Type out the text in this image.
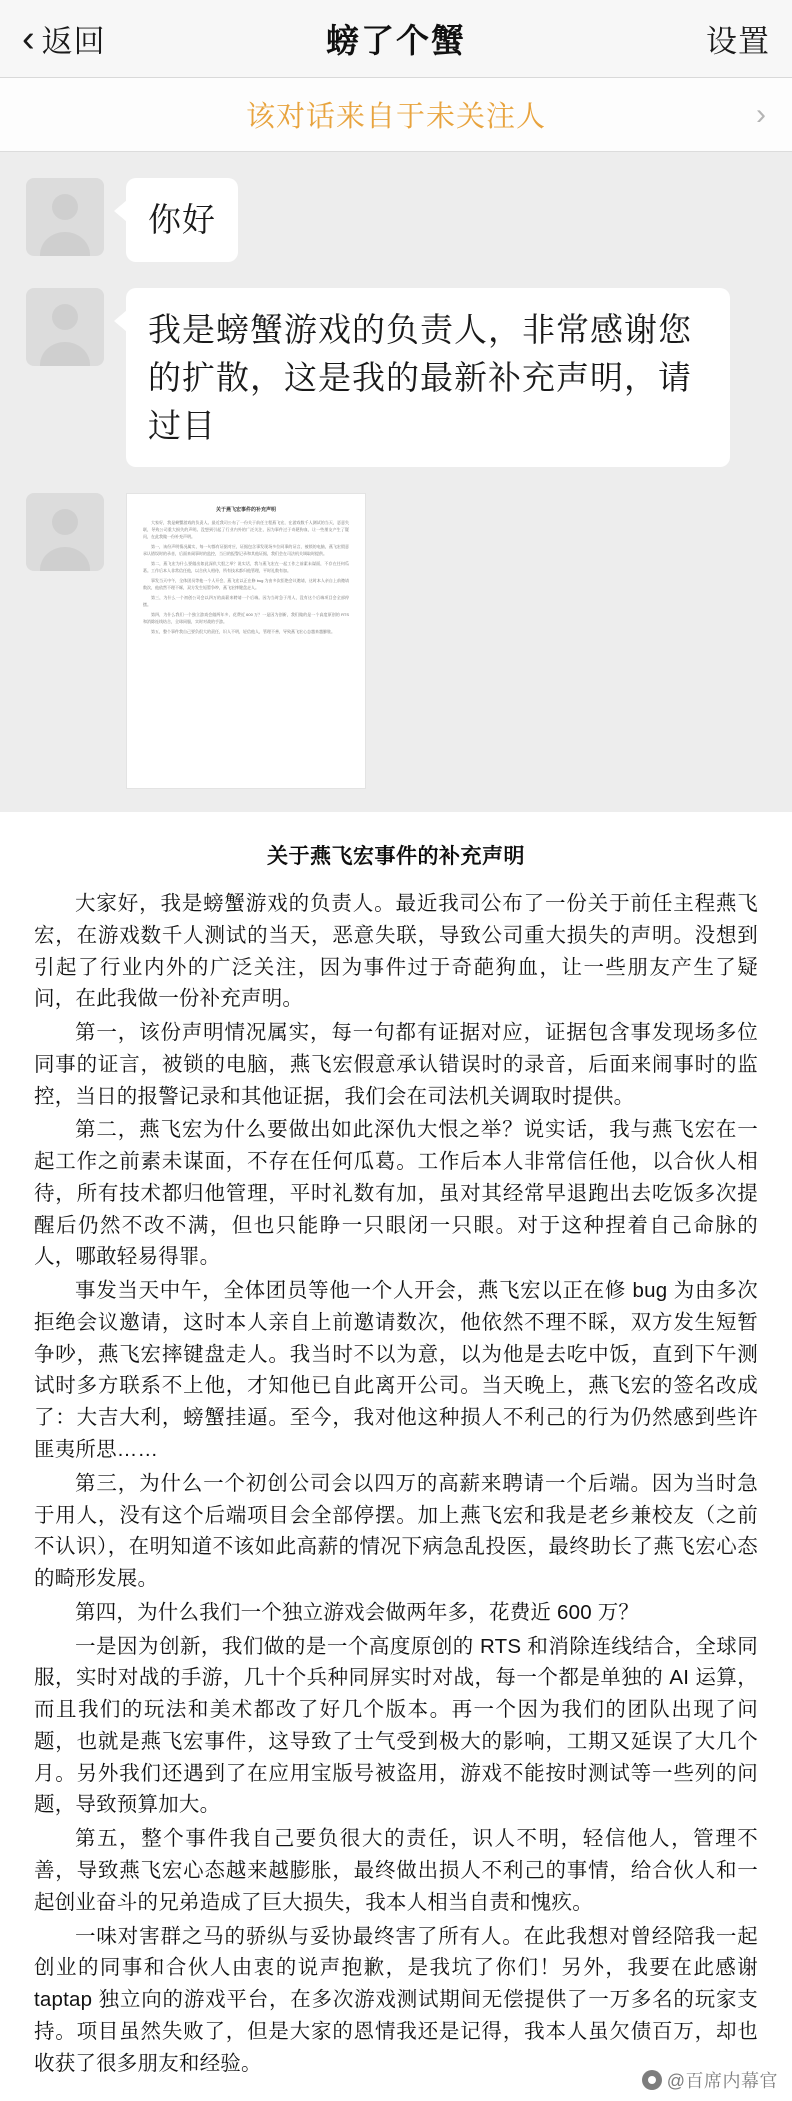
‹ 返回	螃了个蟹	设置
该对话来自于未关注人	›
你好
我是螃蟹游戏的负责人，非常感谢您的扩散，这是我的最新补充声明，请过目
关于燕飞宏事件的补充声明

大家好，我是螃蟹游戏的负责人。最近我司公布了一份关于前任主程燕飞宏，在游戏数千人测试的当天，恶意失联，导致公司重大损失的声明。没想到引起了行业内外的广泛关注，因为事件过于奇葩狗血，让一些朋友产生了疑问，在此我做一份补充声明。

第一，该份声明情况属实，每一句都有证据对应，证据包含事发现场多位同事的证言，被锁的电脑，燕飞宏假意承认错误时的录音，后面来闹事时的监控，当日的报警记录和其他证据，我们会在司法机关调取时提供。

第二，燕飞宏为什么要做出如此深仇大恨之举？说实话，我与燕飞宏在一起工作之前素未谋面，不存在任何瓜葛。工作后本人非常信任他，以合伙人相待，所有技术都归他管理，平时礼数有加。

事发当天中午，全体团员等他一个人开会，燕飞宏以正在修 bug 为由多次拒绝会议邀请，这时本人亲自上前邀请数次，他依然不理不睬，双方发生短暂争吵，燕飞宏摔键盘走人。

第三，为什么一个初创公司会以四万的高薪来聘请一个后端。因为当时急于用人，没有这个后端项目会全部停摆。

第四，为什么我们一个独立游戏会做两年多，花费近 600 万？一是因为创新，我们做的是一个高度原创的 RTS 和消除连线结合，全球同服，实时对战的手游。

第五，整个事件我自己要负很大的责任，识人不明，轻信他人，管理不善，导致燕飞宏心态越来越膨胀。

关于燕飞宏事件的补充声明

大家好，我是螃蟹游戏的负责人。最近我司公布了一份关于前任主程燕飞宏，在游戏数千人测试的当天，恶意失联，导致公司重大损失的声明。没想到引起了行业内外的广泛关注，因为事件过于奇葩狗血，让一些朋友产生了疑问，在此我做一份补充声明。

第一，该份声明情况属实，每一句都有证据对应，证据包含事发现场多位同事的证言，被锁的电脑，燕飞宏假意承认错误时的录音，后面来闹事时的监控，当日的报警记录和其他证据，我们会在司法机关调取时提供。

第二，燕飞宏为什么要做出如此深仇大恨之举？说实话，我与燕飞宏在一起工作之前素未谋面，不存在任何瓜葛。工作后本人非常信任他，以合伙人相待，所有技术都归他管理，平时礼数有加，虽对其经常早退跑出去吃饭多次提醒后仍然不改不满，但也只能睁一只眼闭一只眼。对于这种捏着自己命脉的人，哪敢轻易得罪。

事发当天中午，全体团员等他一个人开会，燕飞宏以正在修 bug 为由多次拒绝会议邀请，这时本人亲自上前邀请数次，他依然不理不睬，双方发生短暂争吵，燕飞宏摔键盘走人。我当时不以为意，以为他是去吃中饭，直到下午测试时多方联系不上他，才知他已自此离开公司。当天晚上，燕飞宏的签名改成了：大吉大利，螃蟹挂逼。至今，我对他这种损人不利己的行为仍然感到些许匪夷所思……

第三，为什么一个初创公司会以四万的高薪来聘请一个后端。因为当时急于用人，没有这个后端项目会全部停摆。加上燕飞宏和我是老乡兼校友（之前不认识），在明知道不该如此高薪的情况下病急乱投医，最终助长了燕飞宏心态的畸形发展。

第四，为什么我们一个独立游戏会做两年多，花费近 600 万？

一是因为创新，我们做的是一个高度原创的 RTS 和消除连线结合，全球同服，实时对战的手游，几十个兵种同屏实时对战，每一个都是单独的 AI 运算，而且我们的玩法和美术都改了好几个版本。再一个因为我们的团队出现了问题，也就是燕飞宏事件，这导致了士气受到极大的影响，工期又延误了大几个月。另外我们还遇到了在应用宝版号被盗用，游戏不能按时测试等一些列的问题，导致预算加大。

第五，整个事件我自己要负很大的责任，识人不明，轻信他人，管理不善，导致燕飞宏心态越来越膨胀，最终做出损人不利己的事情，给合伙人和一起创业奋斗的兄弟造成了巨大损失，我本人相当自责和愧疚。

一味对害群之马的骄纵与妥协最终害了所有人。在此我想对曾经陪我一起创业的同事和合伙人由衷的说声抱歉，是我坑了你们！另外，我要在此感谢 taptap 独立向的游戏平台，在多次游戏测试期间无偿提供了一万多名的玩家支持。项目虽然失败了，但是大家的恩情我还是记得，我本人虽欠债百万，却也收获了很多朋友和经验。

@百席内幕官
